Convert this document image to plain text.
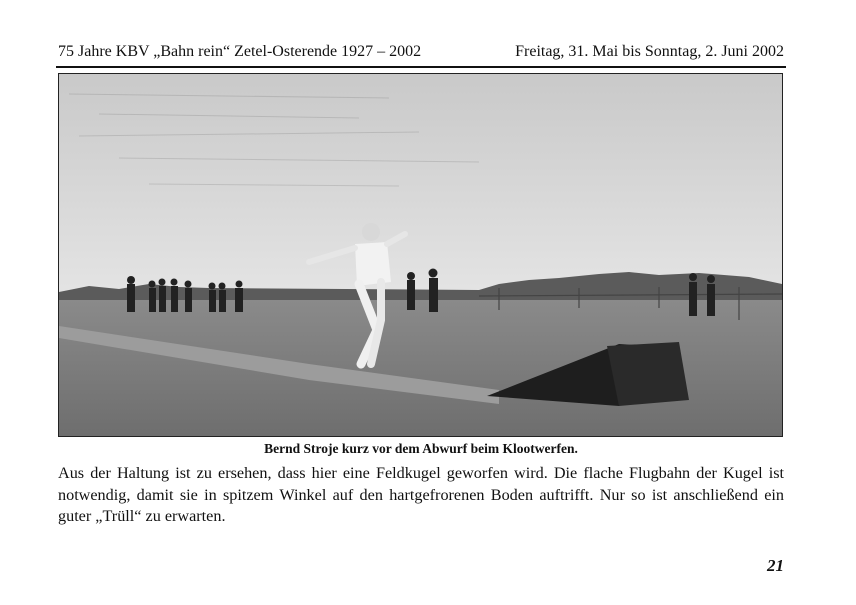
75 Jahre KBV „Bahn rein“ Zetel-Osterende 1927 – 2002	Freitag, 31. Mai bis Sonntag, 2. Juni 2002
Bernd Stroje kurz vor dem Abwurf beim Klootwerfen.
Aus der Haltung ist zu ersehen, dass hier eine Feldkugel geworfen wird. Die flache Flugbahn der Kugel ist notwendig, damit sie in spitzem Winkel auf den hartgefrorenen Boden auftrifft. Nur so ist anschließend ein guter „Trüll“ zu erwarten.
21
